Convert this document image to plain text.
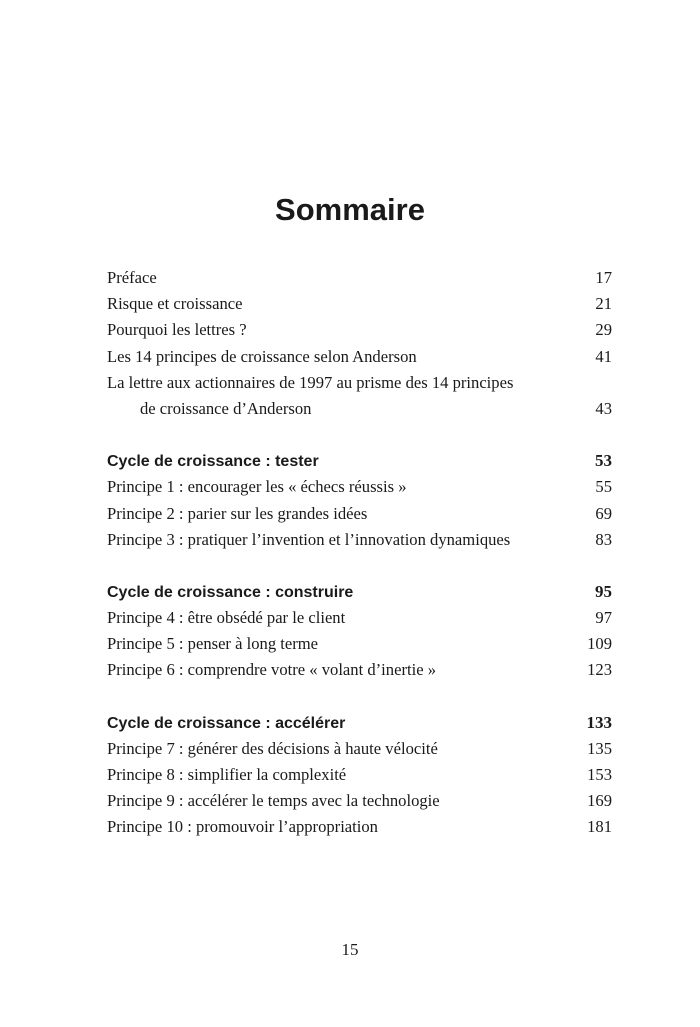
Sommaire
Préface	17
Risque et croissance	21
Pourquoi les lettres ?	29
Les 14 principes de croissance selon Anderson	41
La lettre aux actionnaires de 1997 au prisme des 14 principes
de croissance d’Anderson	43
Cycle de croissance : tester	53
Principe 1 : encourager les « échecs réussis »	55
Principe 2 : parier sur les grandes idées	69
Principe 3 : pratiquer l’invention et l’innovation dynamiques	83
Cycle de croissance : construire	95
Principe 4 : être obsédé par le client	97
Principe 5 : penser à long terme	109
Principe 6 : comprendre votre « volant d’inertie »	123
Cycle de croissance : accélérer	133
Principe 7 : générer des décisions à haute vélocité	135
Principe 8 : simplifier la complexité	153
Principe 9 : accélérer le temps avec la technologie	169
Principe 10 : promouvoir l’appropriation	181
15
